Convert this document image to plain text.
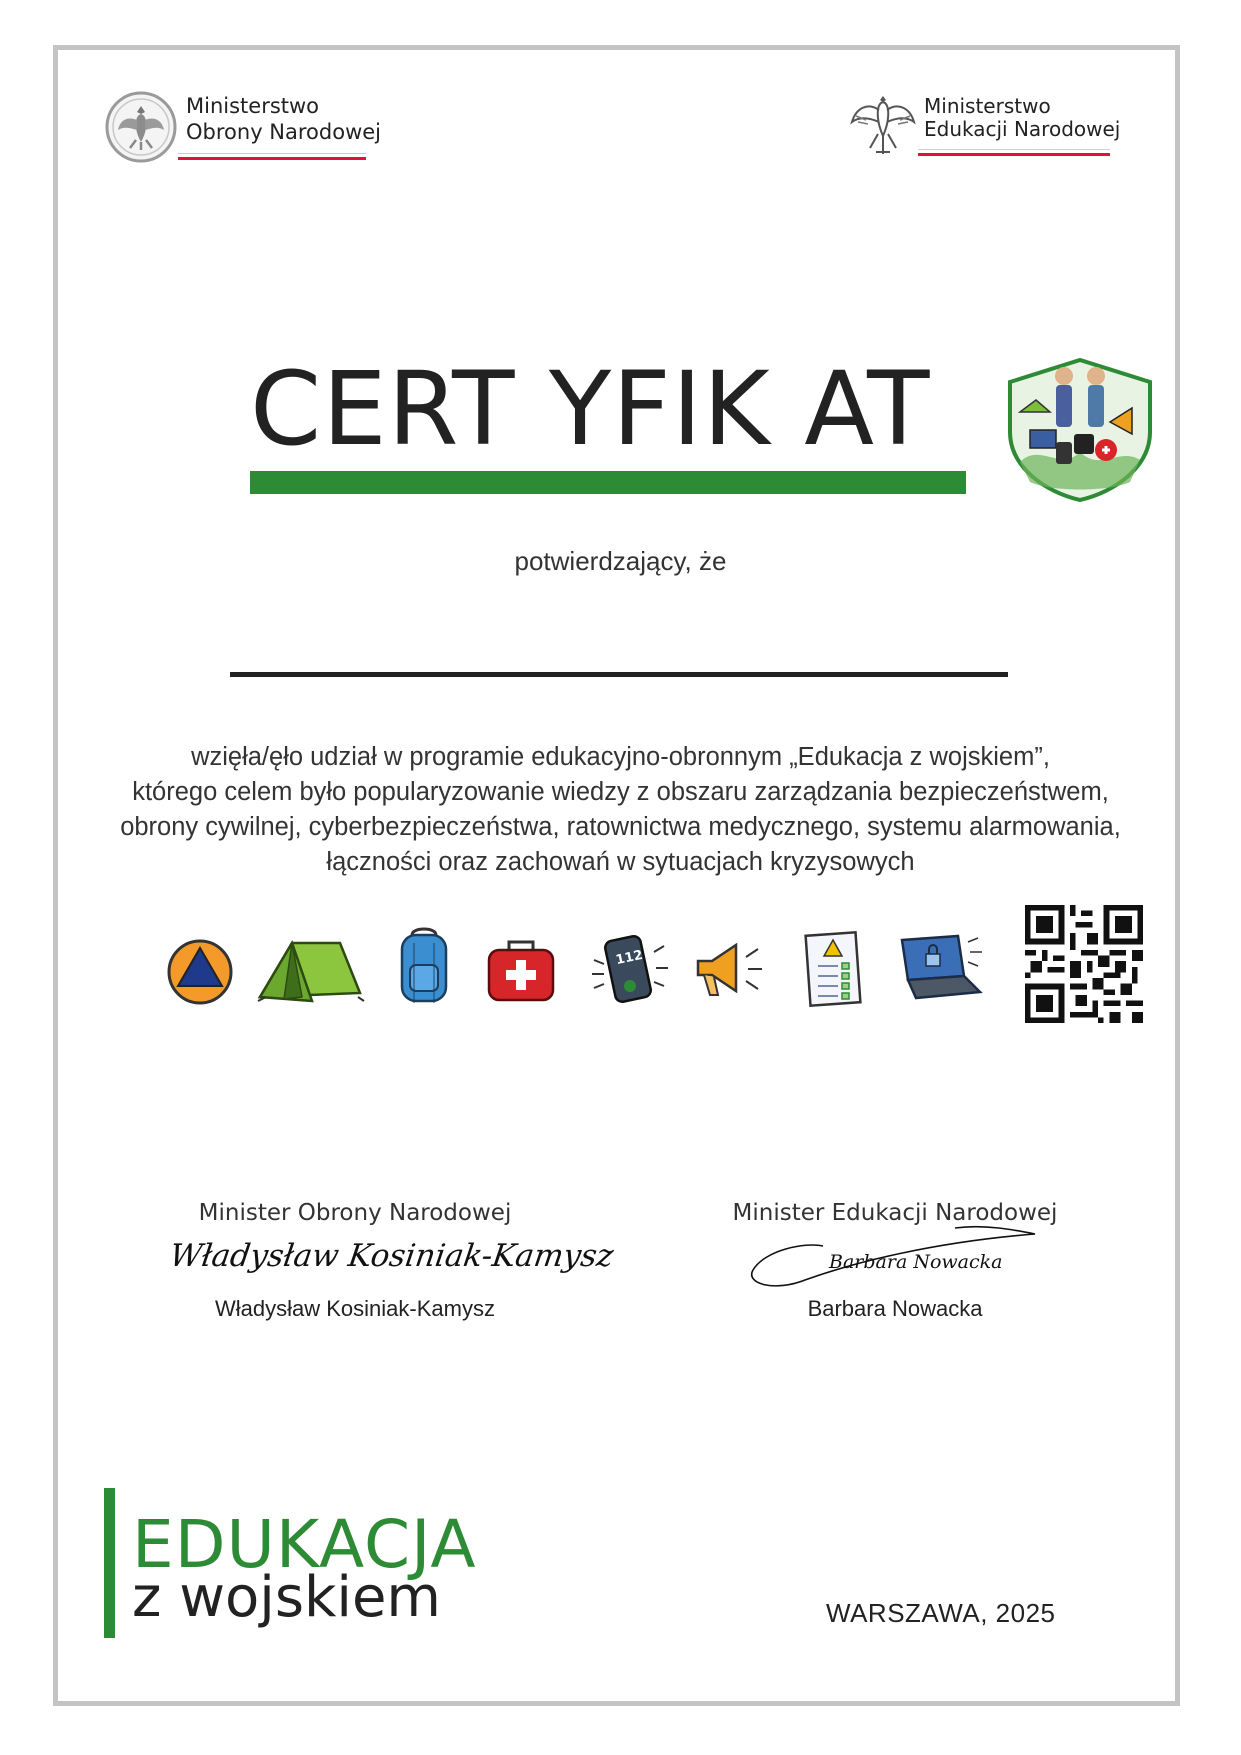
Ministerstwo
Obrony Narodowej
Ministerstwo
Edukacji Narodowej
CERT YFIK AT
potwierdzający, że
wzięła/ęło udział w programie edukacyjno-obronnym „Edukacja z wojskiem”,
którego celem było popularyzowanie wiedzy z obszaru zarządzania bezpieczeństwem,
obrony cywilnej, cyberbezpieczeństwa, ratownictwa medycznego, systemu alarmowania,
łączności oraz zachowań w sytuacjach kryzysowych
112
Minister Obrony Narodowej
Władysław Kosiniak-Kamysz
Władysław Kosiniak-Kamysz
Minister Edukacji Narodowej
Barbara Nowacka
Barbara Nowacka
EDUKACJA
z wojskiem	WARSZAWA, 2025
